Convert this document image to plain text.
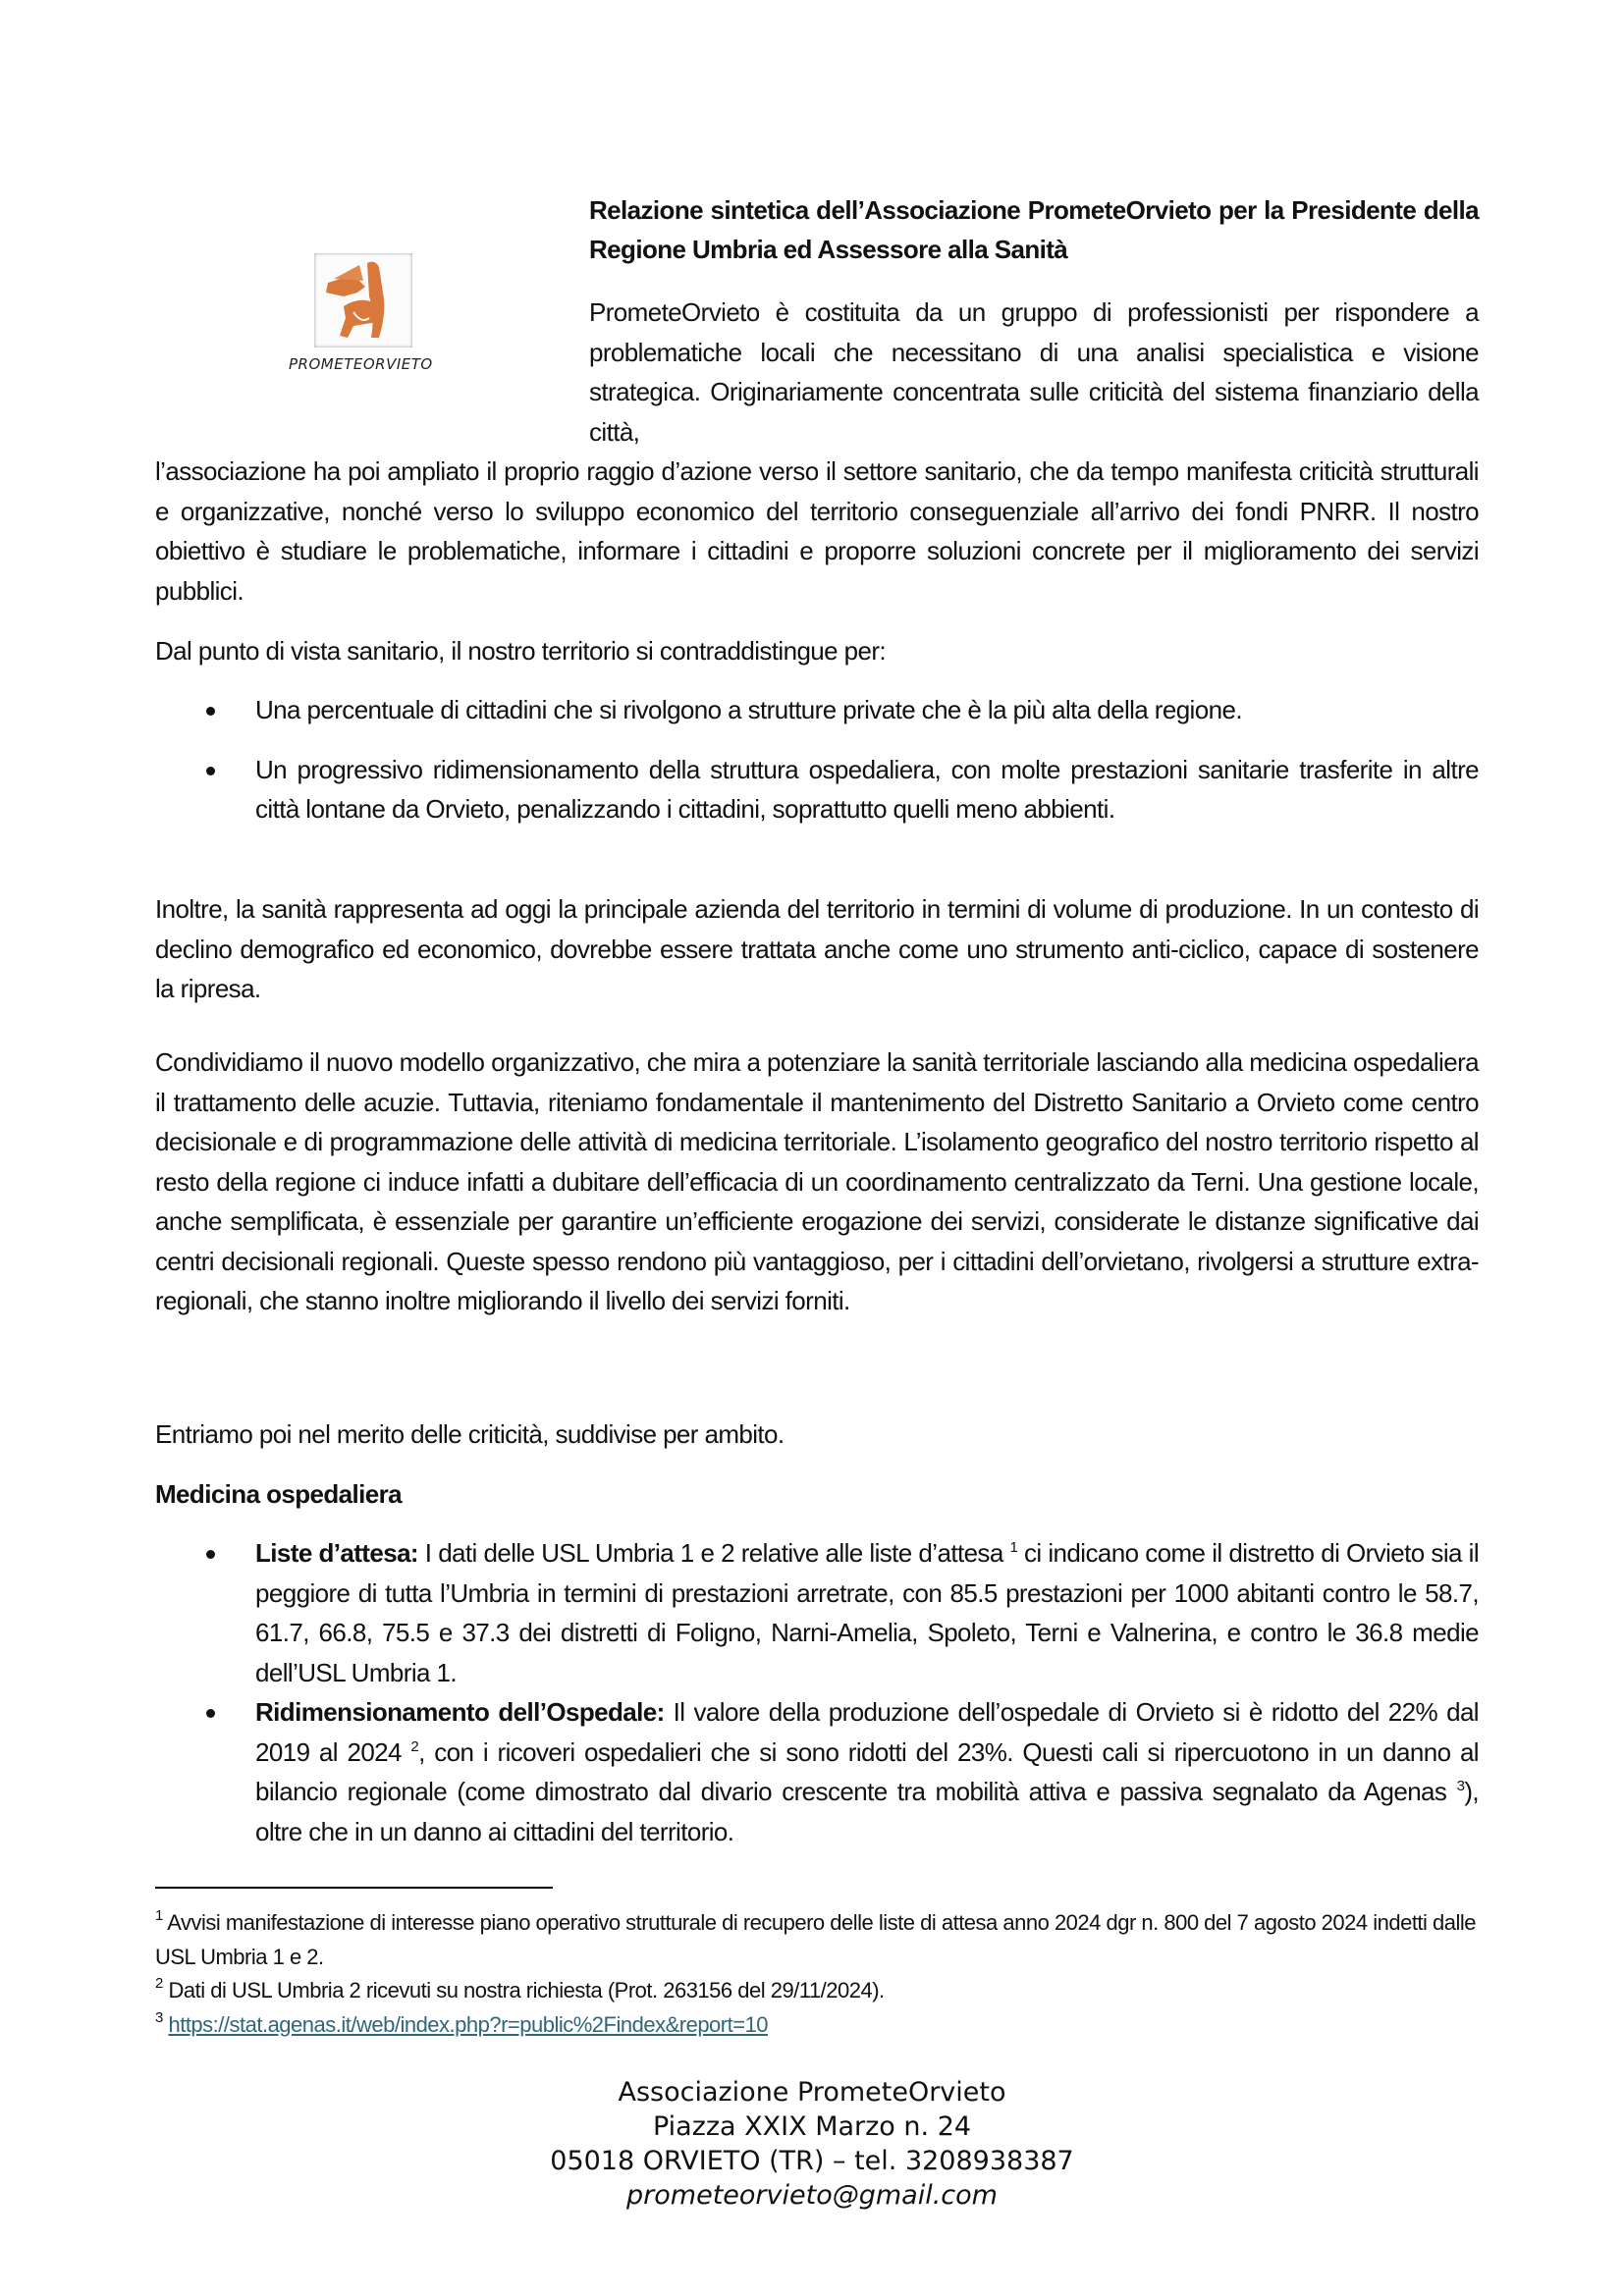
PROMETEORVIETO
Relazione sintetica dell’Associazione PrometeOrvieto per la Presidente della Regione Umbria ed Assessore alla Sanità
PrometeOrvieto è costituita da un gruppo di professionisti per rispondere a problematiche locali che necessitano di una analisi specialistica e visione strategica. Originariamente concentrata sulle criticità del sistema finanziario della città,
l’associazione ha poi ampliato il proprio raggio d’azione verso il settore sanitario, che da tempo manifesta criticità strutturali e organizzative, nonché verso lo sviluppo economico del territorio conseguenziale all’arrivo dei fondi PNRR. Il nostro obiettivo è studiare le problematiche, informare i cittadini e proporre soluzioni concrete per il miglioramento dei servizi pubblici.
Dal punto di vista sanitario, il nostro territorio si contraddistingue per:
Una percentuale di cittadini che si rivolgono a strutture private che è la più alta della regione.
Un progressivo ridimensionamento della struttura ospedaliera, con molte prestazioni sanitarie trasferite in altre città lontane da Orvieto, penalizzando i cittadini, soprattutto quelli meno abbienti.
Inoltre, la sanità rappresenta ad oggi la principale azienda del territorio in termini di volume di produzione. In un contesto di declino demografico ed economico, dovrebbe essere trattata anche come uno strumento anti-ciclico, capace di sostenere la ripresa.
Condividiamo il nuovo modello organizzativo, che mira a potenziare la sanità territoriale lasciando alla medicina ospedaliera il trattamento delle acuzie. Tuttavia, riteniamo fondamentale il mantenimento del Distretto Sanitario a Orvieto come centro decisionale e di programmazione delle attività di medicina territoriale. L’isolamento geografico del nostro territorio rispetto al resto della regione ci induce infatti a dubitare dell’efficacia di un coordinamento centralizzato da Terni. Una gestione locale, anche semplificata, è essenziale per garantire un’efficiente erogazione dei servizi, considerate le distanze significative dai centri decisionali regionali. Queste spesso rendono più vantaggioso, per i cittadini dell’orvietano, rivolgersi a strutture extra-regionali, che stanno inoltre migliorando il livello dei servizi forniti.
Entriamo poi nel merito delle criticità, suddivise per ambito.
Medicina ospedaliera
Liste d’attesa: I dati delle USL Umbria 1 e 2 relative alle liste d’attesa $^1$ ci indicano come il distretto di Orvieto sia il peggiore di tutta l’Umbria in termini di prestazioni arretrate, con 85.5 prestazioni per 1000 abitanti contro le 58.7, 61.7, 66.8, 75.5 e 37.3 dei distretti di Foligno, Narni-Amelia, Spoleto, Terni e Valnerina, e contro le 36.8 medie dell’USL Umbria 1.
Ridimensionamento dell’Ospedale: Il valore della produzione dell’ospedale di Orvieto si è ridotto del 22% dal 2019 al 2024 $^2$, con i ricoveri ospedalieri che si sono ridotti del 23%. Questi cali si ripercuotono in un danno al bilancio regionale (come dimostrato dal divario crescente tra mobilità attiva e passiva segnalato da Agenas $^3$), oltre che in un danno ai cittadini del territorio.
$^1$ Avvisi manifestazione di interesse piano operativo strutturale di recupero delle liste di attesa anno 2024 dgr n. 800 del 7 agosto 2024 indetti dalle USL Umbria 1 e 2.
$^2$ Dati di USL Umbria 2 ricevuti su nostra richiesta (Prot. 263156 del 29/11/2024).
$^3$ https://stat.agenas.it/web/index.php?r=public%2Findex&report=10
Associazione PrometeOrvieto
Piazza XXIX Marzo n. 24
05018 ORVIETO (TR) – tel. 3208938387
prometeorvieto@gmail.com
